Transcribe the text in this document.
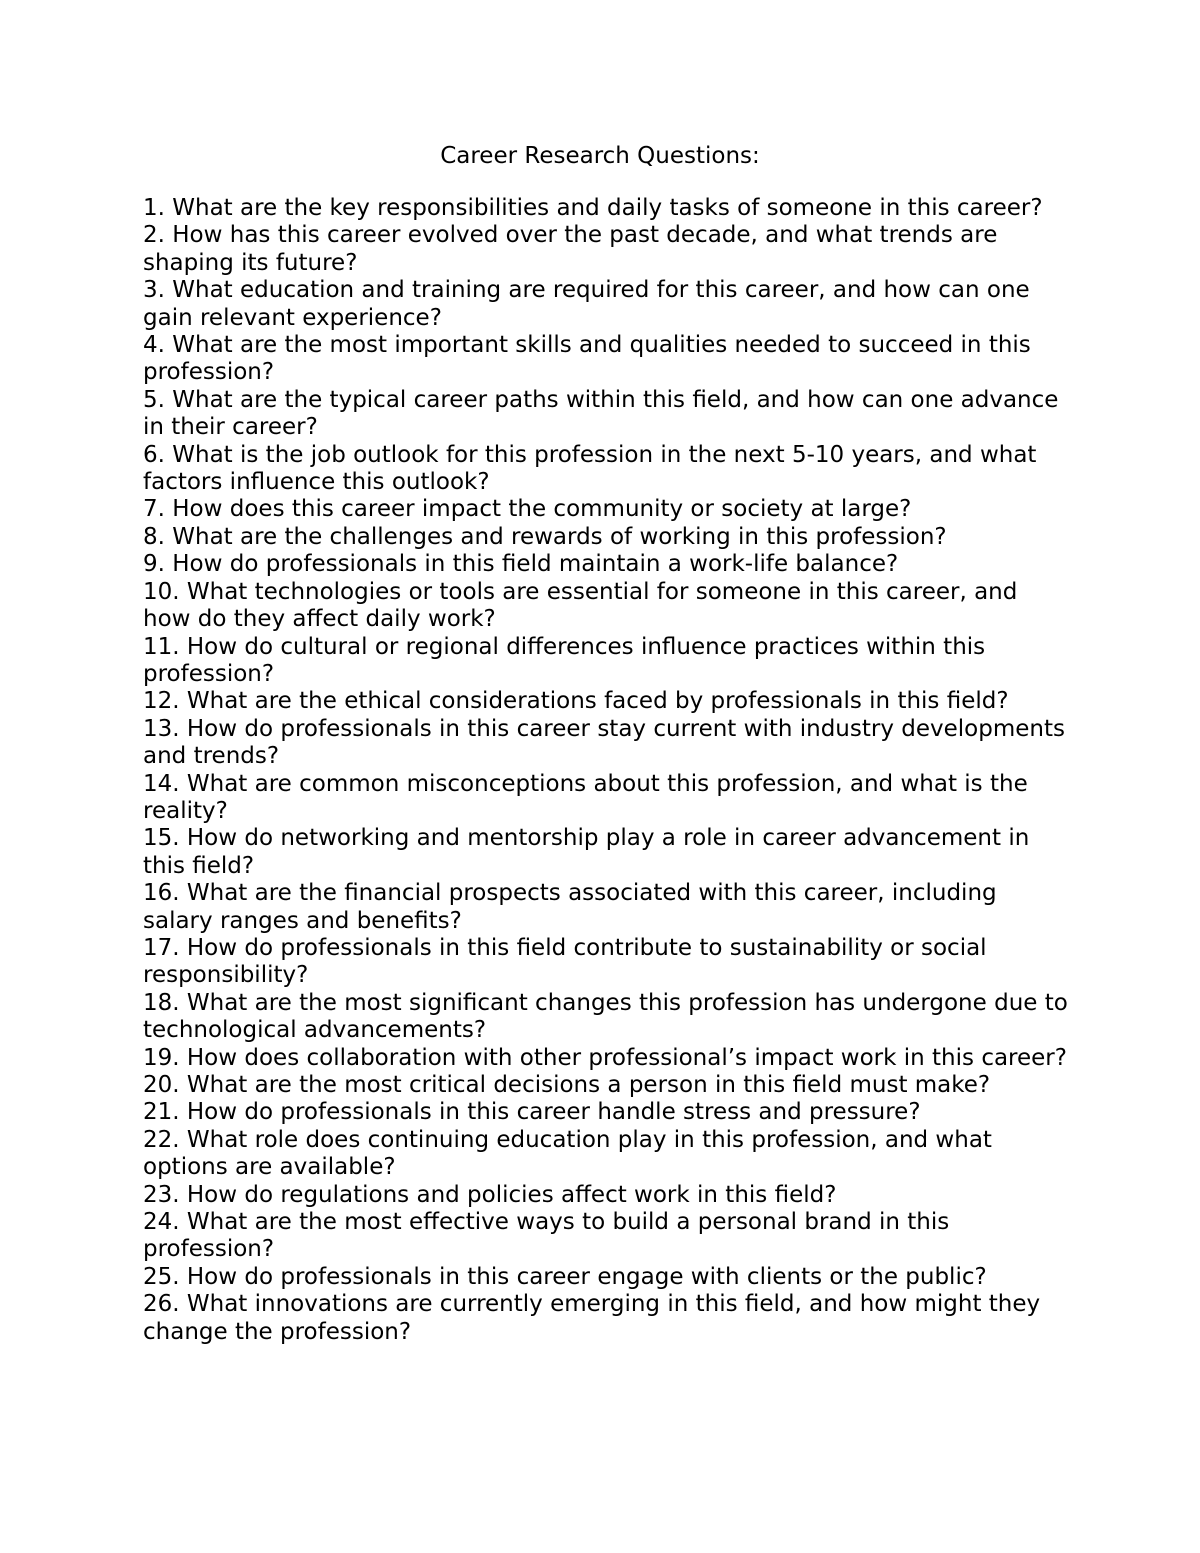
Career Research Questions:
1. What are the key responsibilities and daily tasks of someone in this career?
2. How has this career evolved over the past decade, and what trends are shaping its future?
3. What education and training are required for this career, and how can one gain relevant experience?
4. What are the most important skills and qualities needed to succeed in this profession?
5. What are the typical career paths within this field, and how can one advance in their career?
6. What is the job outlook for this profession in the next 5-10 years, and what factors influence this outlook?
7. How does this career impact the community or society at large?
8. What are the challenges and rewards of working in this profession?
9. How do professionals in this field maintain a work-life balance?
10. What technologies or tools are essential for someone in this career, and how do they affect daily work?
11. How do cultural or regional differences influence practices within this profession?
12. What are the ethical considerations faced by professionals in this field?
13. How do professionals in this career stay current with industry developments and trends?
14. What are common misconceptions about this profession, and what is the reality?
15. How do networking and mentorship play a role in career advancement in this field?
16. What are the financial prospects associated with this career, including salary ranges and benefits?
17. How do professionals in this field contribute to sustainability or social responsibility?
18. What are the most significant changes this profession has undergone due to technological advancements?
19. How does collaboration with other professional’s impact work in this career?
20. What are the most critical decisions a person in this field must make?
21. How do professionals in this career handle stress and pressure?
22. What role does continuing education play in this profession, and what options are available?
23. How do regulations and policies affect work in this field?
24. What are the most effective ways to build a personal brand in this profession?
25. How do professionals in this career engage with clients or the public?
26. What innovations are currently emerging in this field, and how might they change the profession?
